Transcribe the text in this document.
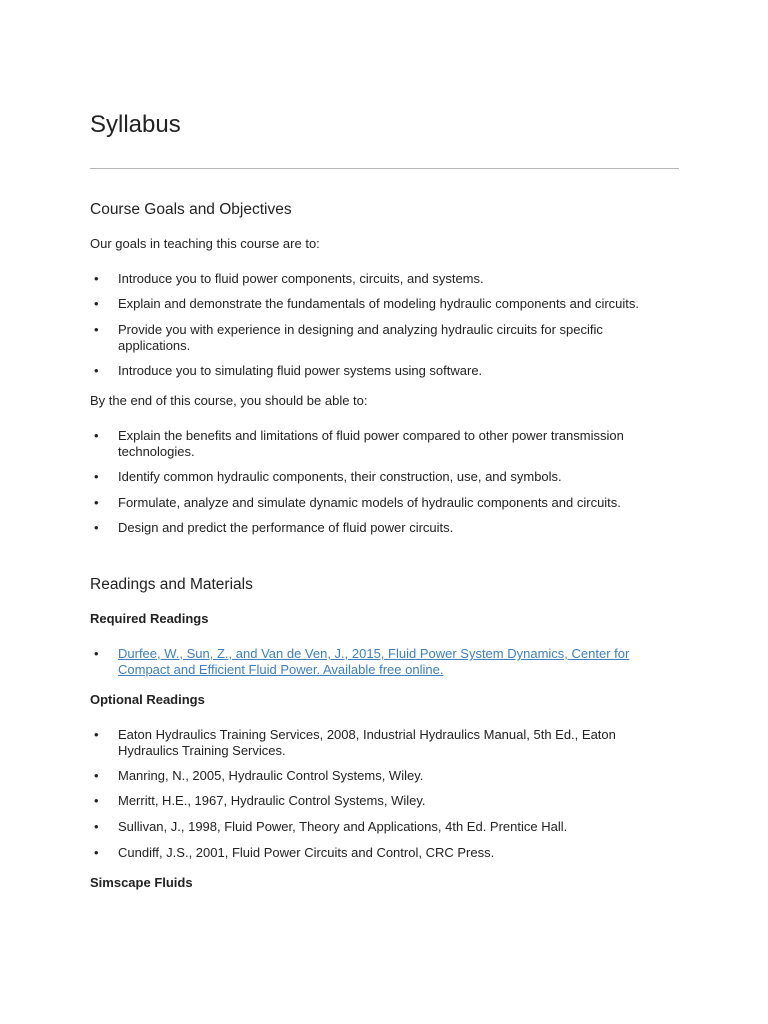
Syllabus
Course Goals and Objectives

Our goals in teaching this course are to:

• Introduce you to fluid power components, circuits, and systems.
• Explain and demonstrate the fundamentals of modeling hydraulic components and circuits.
• Provide you with experience in designing and analyzing hydraulic circuits for specific applications.
• Introduce you to simulating fluid power systems using software.

By the end of this course, you should be able to:

• Explain the benefits and limitations of fluid power compared to other power transmission technologies.
• Identify common hydraulic components, their construction, use, and symbols.
• Formulate, analyze and simulate dynamic models of hydraulic components and circuits.
• Design and predict the performance of fluid power circuits.
Readings and Materials
Required Readings
• Durfee, W., Sun, Z., and Van de Ven, J., 2015, Fluid Power System Dynamics, Center for Compact and Efficient Fluid Power. Available free online.
Optional Readings
• Eaton Hydraulics Training Services, 2008, Industrial Hydraulics Manual, 5th Ed., Eaton Hydraulics Training Services.
• Manring, N., 2005, Hydraulic Control Systems, Wiley.
• Merritt, H.E., 1967, Hydraulic Control Systems, Wiley.
• Sullivan, J., 1998, Fluid Power, Theory and Applications, 4th Ed. Prentice Hall.
• Cundiff, J.S., 2001, Fluid Power Circuits and Control, CRC Press.
Simscape Fluids
